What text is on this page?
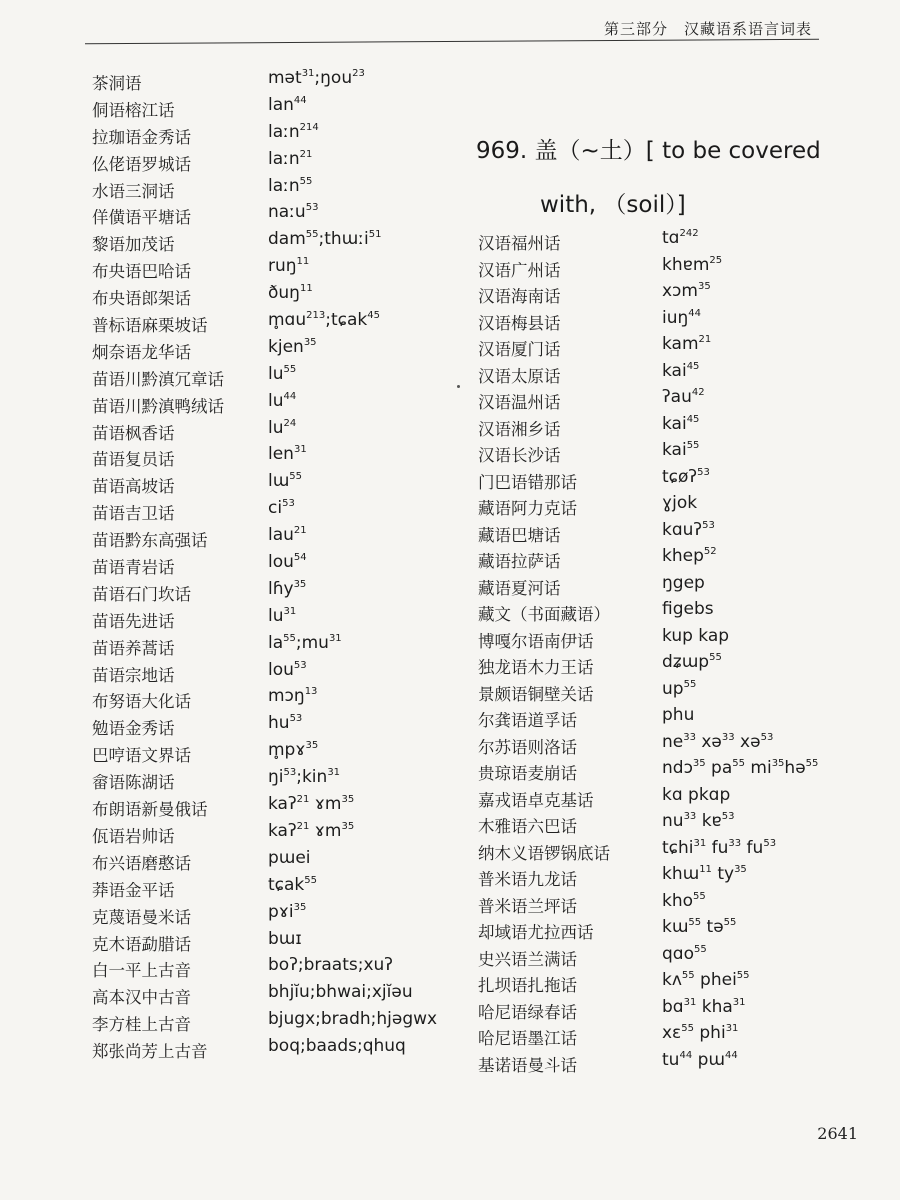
第三部分　汉藏语系语言词表
茶洞语	mət$^{31}$;ŋou$^{23}$
侗语榕江话	lan$^{44}$
拉珈语金秀话	laːn$^{214}$
仫佬语罗城话	laːn$^{21}$
水语三洞话	laːn$^{55}$
佯僙语平塘话	naːu$^{53}$
黎语加茂话	dam$^{55}$;thɯːi$^{51}$
布央语巴哈话	ruŋ$^{11}$
布央语郎架话	ðuŋ$^{11}$
普标语麻栗坡话	m̥ɑu$^{213}$;tɕak$^{45}$
炯奈语龙华话	kjen$^{35}$
苗语川黔滇冗章话	$lu^{55}$
苗语川黔滇鸭绒话	$lu^{44}$
苗语枫香话	$lu^{24}$
苗语复员话	len$^{31}$
苗语高坡话	lɯ$^{55}$
苗语吉卫话	$ci^{53}$
苗语黔东高强话	lau$^{21}$
苗语青岩话	lou$^{54}$
苗语石门坎话	lɦy$^{35}$
苗语先进话	$lu^{31}$
苗语养蒿话	$la^{55};mu^{31}$
苗语宗地话	lou$^{53}$
布努语大化话	mɔŋ$^{13}$
勉语金秀话	$hu^{53}$
巴哼语文界话	m̥pɤ$^{35}$
畲语陈湖话	$ŋi^{53};kin^{31}$
布朗语新曼俄话	kaʔ$^{21}$ ɤm$^{35}$
佤语岩帅话	kaʔ$^{21}$ ɤm$^{35}$
布兴语磨憨话	pɯei
莽语金平话	tɕak$^{55}$
克蔑语曼米话	pɤi$^{35}$
克木语勐腊话	bɯɪ
白一平上古音	boʔ;braats;xuʔ
高本汉中古音	bhjĭu;bhwai;xjĭəu
李方桂上古音	bjugx;bradh;hjəgwx
郑张尚芳上古音	boq;baads;qhuq
969. 盖（~土）[ to be covered
with, （soil）]
汉语福州话	tɑ$^{242}$
汉语广州话	khɐm$^{25}$
汉语海南话	xɔm$^{35}$
汉语梅县话	iuŋ$^{44}$
汉语厦门话	kam$^{21}$
汉语太原话	kai$^{45}$
汉语温州话	ʔau$^{42}$
汉语湘乡话	kai$^{45}$
汉语长沙话	kai$^{55}$
门巴语错那话	tɕøʔ$^{53}$
藏语阿力克话	ɣjok
藏语巴塘话	kɑuʔ$^{53}$
藏语拉萨话	khep$^{52}$
藏语夏河话	ŋgep
藏文（书面藏语）	figebs
博嘎尔语南伊话	kup kap
独龙语木力王话	dʑɯp$^{55}$
景颇语铜壁关话	$up^{55}$
尔龚语道孚话	phu
尔苏语则洛话	$ne^{33}$ xə$^{33}$ xə$^{53}$
贵琼语麦崩话	ndɔ$^{35}$ $pa^{55}$ $mi^{35}hə^{55}$
嘉戎语卓克基话	kɑ pkɑp
木雅语六巴话	$nu^{33}$ kɐ$^{53}$
纳木义语锣锅底话	tɕhi$^{31}$ $fu^{33}$ $fu^{53}$
普米语九龙话	khɯ$^{11}$ $ty^{35}$
普米语兰坪话	kho$^{55}$
却域语尤拉西话	kɯ$^{55}$ tə$^{55}$
史兴语兰满话	qɑo$^{55}$
扎坝语扎拖话	kʌ$^{55}$ phei$^{55}$
哈尼语绿春话	bɑ$^{31}$ kha$^{31}$
哈尼语墨江话	xɛ$^{55}$ phi$^{31}$
基诺语曼斗话	$tu^{44}$ pɯ$^{44}$
2641
